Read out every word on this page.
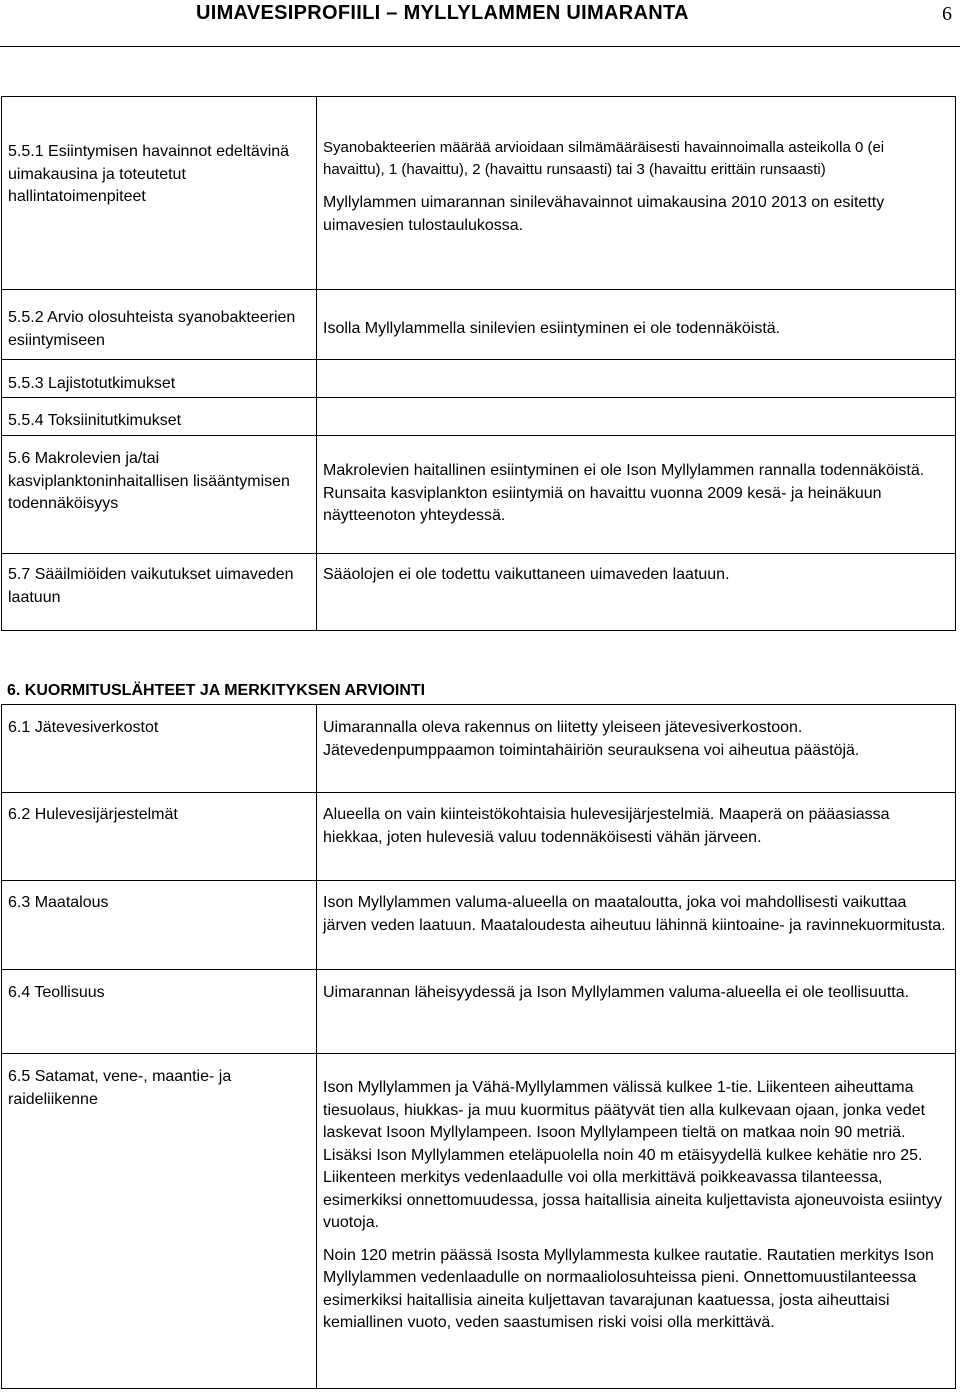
UIMAVESIPROFIILI – MYLLYLAMMEN UIMARANTA	6

5.5.1 Esiintymisen havainnot edeltävinä uimakausina ja toteutetut hallintatoimenpiteet	Syanobakteerien määrää arvioidaan silmämääräisesti havainnoimalla asteikolla 0 (ei havaittu), 1 (havaittu), 2 (havaittu runsaasti) tai 3 (havaittu erittäin runsaasti)

Myllylammen uimarannan sinilevähavainnot uimakausina 2010 2013 on esitetty uimavesien tulostaulukossa.

5.5.2 Arvio olosuhteista syanobakteerien esiintymiseen	Isolla Myllylammella sinilevien esiintyminen ei ole todennäköistä.

5.5.3 Lajistotutkimukset	

5.5.4 Toksiinitutkimukset	

5.6 Makrolevien ja/tai kasviplanktoninhaitallisen lisääntymisen todennäköisyys	Makrolevien haitallinen esiintyminen ei ole Ison Myllylammen rannalla todennäköistä. Runsaita kasviplankton esiintymiä on havaittu vuonna 2009 kesä- ja heinäkuun näytteenoton yhteydessä.

5.7 Sääilmiöiden vaikutukset uimaveden laatuun	Sääolojen ei ole todettu vaikuttaneen uimaveden laatuun.

6. KUORMITUSLÄHTEET JA MERKITYKSEN ARVIOINTI

6.1 Jätevesiverkostot	Uimarannalla oleva rakennus on liitetty yleiseen jätevesiverkostoon. Jätevedenpumppaamon toimintahäiriön seurauksena voi aiheutua päästöjä.

6.2 Hulevesijärjestelmät	Alueella on vain kiinteistökohtaisia hulevesijärjestelmiä. Maaperä on pääasiassa hiekkaa, joten hulevesiä valuu todennäköisesti vähän järveen.

6.3 Maatalous	Ison Myllylammen valuma-alueella on maataloutta, joka voi mahdollisesti vaikuttaa järven veden laatuun. Maataloudesta aiheutuu lähinnä kiintoaine- ja ravinnekuormitusta.

6.4 Teollisuus	Uimarannan läheisyydessä ja Ison Myllylammen valuma-alueella ei ole teollisuutta.

6.5 Satamat, vene-, maantie- ja raideliikenne	Ison Myllylammen ja Vähä-Myllylammen välissä kulkee 1-tie. Liikenteen aiheuttama tiesuolaus, hiukkas- ja muu kuormitus päätyvät tien alla kulkevaan ojaan, jonka vedet laskevat Isoon Myllylampeen. Isoon Myllylampeen tieltä on matkaa noin 90 metriä. Lisäksi Ison Myllylammen eteläpuolella noin 40 m etäisyydellä kulkee kehätie nro 25. Liikenteen merkitys vedenlaadulle voi olla merkittävä poikkeavassa tilanteessa, esimerkiksi onnettomuudessa, jossa haitallisia aineita kuljettavista ajoneuvoista esiintyy vuotoja.

Noin 120 metrin päässä Isosta Myllylammesta kulkee rautatie. Rautatien merkitys Ison Myllylammen vedenlaadulle on normaaliolosuhteissa pieni. Onnettomuustilanteessa esimerkiksi haitallisia aineita kuljettavan tavarajunan kaatuessa, josta aiheuttaisi kemiallinen vuoto, veden saastumisen riski voisi olla merkittävä.
